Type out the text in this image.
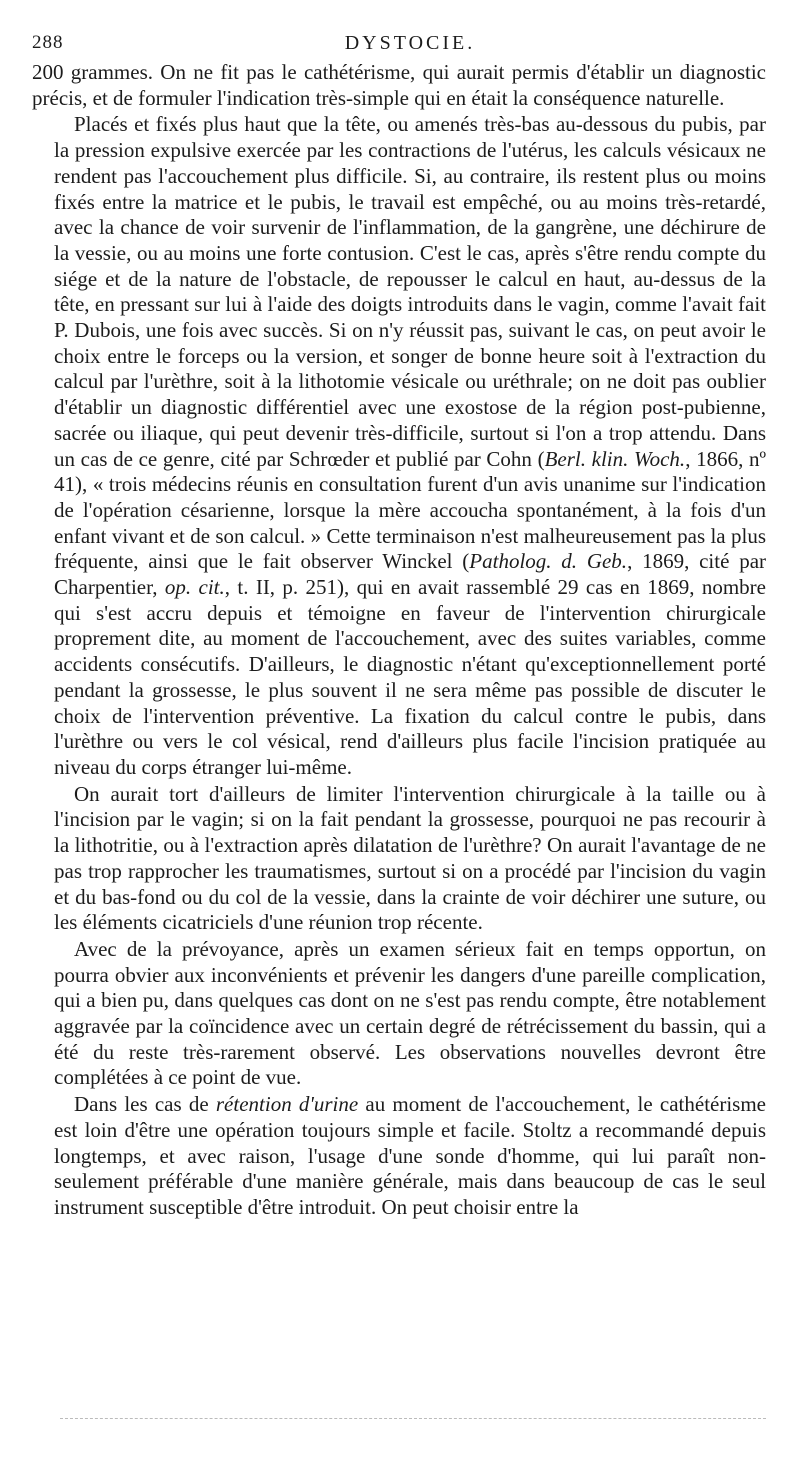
288	DYSTOCIE.

200 grammes. On ne fit pas le cathétérisme, qui aurait permis d'établir un diagnostic précis, et de formuler l'indication très-simple qui en était la conséquence naturelle.

Placés et fixés plus haut que la tête, ou amenés très-bas au-dessous du pubis, par la pression expulsive exercée par les contractions de l'utérus, les calculs vésicaux ne rendent pas l'accouchement plus difficile. Si, au contraire, ils restent plus ou moins fixés entre la matrice et le pubis, le travail est empêché, ou au moins très-retardé, avec la chance de voir survenir de l'inflammation, de la gangrène, une déchirure de la vessie, ou au moins une forte contusion. C'est le cas, après s'être rendu compte du siége et de la nature de l'obstacle, de repousser le calcul en haut, au-dessus de la tête, en pressant sur lui à l'aide des doigts introduits dans le vagin, comme l'avait fait P. Dubois, une fois avec succès. Si on n'y réussit pas, suivant le cas, on peut avoir le choix entre le forceps ou la version, et songer de bonne heure soit à l'extraction du calcul par l'urèthre, soit à la lithotomie vésicale ou uréthrale; on ne doit pas oublier d'établir un diagnostic différentiel avec une exostose de la région post-pubienne, sacrée ou iliaque, qui peut devenir très-difficile, surtout si l'on a trop attendu. Dans un cas de ce genre, cité par Schrœder et publié par Cohn (Berl. klin. Woch., 1866, nº 41), « trois médecins réunis en consultation furent d'un avis unanime sur l'indication de l'opération césarienne, lorsque la mère accoucha spontanément, à la fois d'un enfant vivant et de son calcul. » Cette terminaison n'est malheureusement pas la plus fréquente, ainsi que le fait observer Winckel (Patholog. d. Geb., 1869, cité par Charpentier, op. cit., t. II, p. 251), qui en avait rassemblé 29 cas en 1869, nombre qui s'est accru depuis et témoigne en faveur de l'intervention chirurgicale proprement dite, au moment de l'accouchement, avec des suites variables, comme accidents consécutifs. D'ailleurs, le diagnostic n'étant qu'exceptionnellement porté pendant la grossesse, le plus souvent il ne sera même pas possible de discuter le choix de l'intervention préventive. La fixation du calcul contre le pubis, dans l'urèthre ou vers le col vésical, rend d'ailleurs plus facile l'incision pratiquée au niveau du corps étranger lui-même.

On aurait tort d'ailleurs de limiter l'intervention chirurgicale à la taille ou à l'incision par le vagin; si on la fait pendant la grossesse, pourquoi ne pas recourir à la lithotritie, ou à l'extraction après dilatation de l'urèthre? On aurait l'avantage de ne pas trop rapprocher les traumatismes, surtout si on a procédé par l'incision du vagin et du bas-fond ou du col de la vessie, dans la crainte de voir déchirer une suture, ou les éléments cicatriciels d'une réunion trop récente.

Avec de la prévoyance, après un examen sérieux fait en temps opportun, on pourra obvier aux inconvénients et prévenir les dangers d'une pareille complication, qui a bien pu, dans quelques cas dont on ne s'est pas rendu compte, être notablement aggravée par la coïncidence avec un certain degré de rétrécissement du bassin, qui a été du reste très-rarement observé. Les observations nouvelles devront être complétées à ce point de vue.

Dans les cas de rétention d'urine au moment de l'accouchement, le cathétérisme est loin d'être une opération toujours simple et facile. Stoltz a recommandé depuis longtemps, et avec raison, l'usage d'une sonde d'homme, qui lui paraît non-seulement préférable d'une manière générale, mais dans beaucoup de cas le seul instrument susceptible d'être introduit. On peut choisir entre la
